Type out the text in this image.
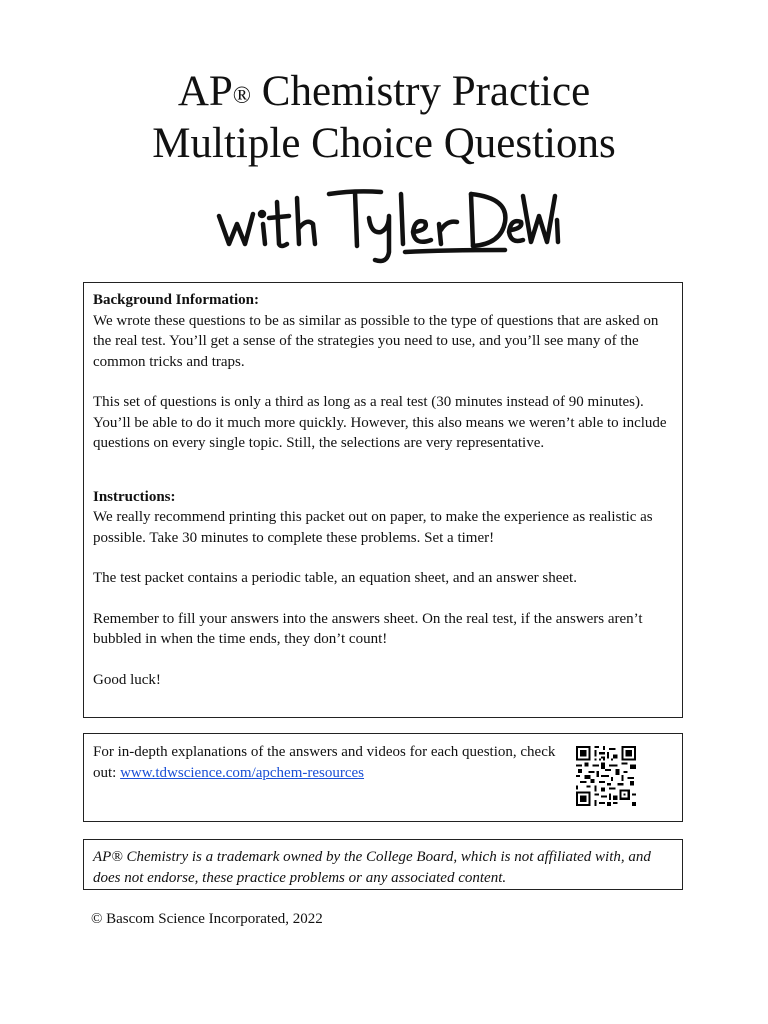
AP® Chemistry Practice
Multiple Choice Questions

Background Information:

We wrote these questions to be as similar as possible to the type of questions that are asked on the real test. You’ll get a sense of the strategies you need to use, and you’ll see many of the common tricks and traps.

This set of questions is only a third as long as a real test (30 minutes instead of 90 minutes). You’ll be able to do it much more quickly. However, this also means we weren’t able to include questions on every single topic. Still, the selections are very representative.

Instructions:

We really recommend printing this packet out on paper, to make the experience as realistic as possible. Take 30 minutes to complete these problems. Set a timer!

The test packet contains a periodic table, an equation sheet, and an answer sheet.

Remember to fill your answers into the answers sheet. On the real test, if the answers aren’t bubbled in when the time ends, they don’t count!

Good luck!

For in-depth explanations of the answers and videos for each question, check out: www.tdwscience.com/apchem-resources

AP® Chemistry is a trademark owned by the College Board, which is not affiliated with, and does not endorse, these practice problems or any associated content.

© Bascom Science Incorporated, 2022
